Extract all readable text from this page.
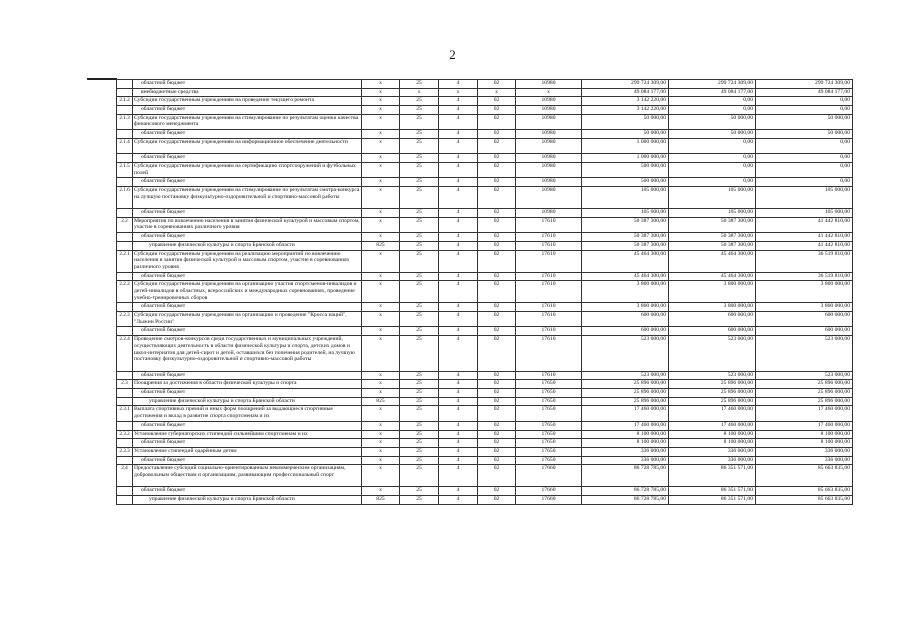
2
	областной бюджет	x	25	4	02	10980	299 724 309,00	299 724 309,00	299 724 309,00
	внебюджетные средства	x	x	x	x	x	49 084 177,00	49 084 177,00	49 084 177,00
2.1.2	Субсидии государственным учреждениям на проведение текущего ремонта	x	25	4	02	10980	3 142 220,00	0,00	0,00
	областной бюджет	x	25	4	02	10980	3 142 220,00	0,00	0,00
2.1.3	Субсидии государственным учреждениям на стимулирование по результатам оценки качества финансового менеджмента	x	25	4	02	10980	50 000,00	50 000,00	50 000,00
	областной бюджет	x	25	4	02	10980	50 000,00	50 000,00	50 000,00
2.1.4	Субсидии государственным учреждениям на информационное обеспечение деятельности	x	25	4	02	10980	1 000 000,00	0,00	0,00
	областной бюджет	x	25	4	02	10980	1 000 000,00	0,00	0,00
2.1.5	Субсидии государственным учреждениям на сертификацию спортсооружений и футбольных полей	x	25	4	02	10980	500 000,00	0,00	0,00
	областной бюджет	x	25	4	02	10980	500 000,00	0,00	0,00
2.1.6	Субсидии государственным учреждениям на стимулирование по результатам смотра-конкурса на лучшую постановку физкультурно-оздоровительной и спортивно-массовой работы	x	25	4	02	10980	105 000,00	105 000,00	105 000,00
	областной бюджет	x	25	4	02	10980	105 000,00	105 000,00	105 000,00
2.2	Мероприятия по вовлечению населения в занятия физической культурой и массовым спортом, участие в соревнованиях различного уровня	x	25	4	02	17610	50 387 300,00	50 387 300,00	41 442 810,00
	областной бюджет	x	25	4	02	17610	50 387 300,00	50 387 300,00	41 442 810,00
	управление физической культуры и спорта Брянской области	825	25	4	02	17610	50 387 300,00	50 387 300,00	41 442 810,00
2.2.1	Субсидии государственным учреждениям на реализацию мероприятий по вовлечению населения в занятия физической культурой и массовым спортом, участие в соревнованиях различного уровня	x	25	4	02	17610	45 464 300,00	45 464 300,00	36 519 810,00
	областной бюджет	x	25	4	02	17610	45 464 300,00	45 464 300,00	36 519 810,00
2.2.2	Субсидии государственным учреждениям на организацию участия спортсменов-инвалидов и детей-инвалидов в областных, всероссийских и международных соревнованиях, проведение учебно-тренировочных сборов	x	25	4	02	17610	3 800 000,00	3 800 000,00	3 800 000,00
	областной бюджет	x	25	4	02	17610	3 800 000,00	3 800 000,00	3 800 000,00
2.2.3	Субсидии государственным учреждениям на организацию и проведение "Кросса наций", "Лыжни России"	x	25	4	02	17610	600 000,00	600 000,00	600 000,00
	областной бюджет	x	25	4	02	17610	600 000,00	600 000,00	600 000,00
2.2.4	Проведение смотров-конкурсов среди государственных и муниципальных учреждений, осуществляющих деятельность в области физической культуры и спорта, детских домов и школ-интернатов для детей-сирот и детей, оставшихся без попечения родителей, на лучшую постановку физкультурно-оздоровительной и спортивно-массовой работы	x	25	4	02	17610	523 000,00	523 000,00	523 000,00
	областной бюджет	x	25	4	02	17610	523 000,00	523 000,00	523 000,00
2.3	Поощрения за достижения в области физической культуры и спорта	x	25	4	02	17650	25 896 000,00	25 896 000,00	25 896 000,00
	областной бюджет	x	25	4	02	17650	25 896 000,00	25 896 000,00	25 896 000,00
	управление физической культуры и спорта Брянской области	825	25	4	02	17650	25 896 000,00	25 896 000,00	25 896 000,00
2.3.1	Выплата спортивных премий и иных форм поощрений за выдающиеся спортивные достижения и вклад в развитие спорта спортсменам и их	x	25	4	02	17650	17 460 000,00	17 460 000,00	17 460 000,00
	областной бюджет	x	25	4	02	17650	17 460 000,00	17 460 000,00	17 460 000,00
2.3.2	Установление губернаторских стипендий сильнейшим спортсменам и их	x	25	4	02	17650	8 100 000,00	8 100 000,00	8 100 000,00
	областной бюджет	x	25	4	02	17650	8 100 000,00	8 100 000,00	8 100 000,00
2.3.3	Установление стипендий одарённым детям	x	25	4	02	17650	336 000,00	336 000,00	336 000,00
	областной бюджет	x	25	4	02	17650	336 000,00	336 000,00	336 000,00
2.4	Предоставление субсидий социально-ориентированным некоммерческим организациям, добровольным обществам и организациям, развивающим профессиональный спорт	x	25	4	02	17660	86 728 785,00	86 351 571,00	85 663 835,00
	областной бюджет	x	25	4	02	17660	86 728 785,00	86 351 571,00	85 663 835,00
	управление физической культуры и спорта Брянской области	825	25	4	02	17660	86 728 785,00	86 351 571,00	85 663 835,00
